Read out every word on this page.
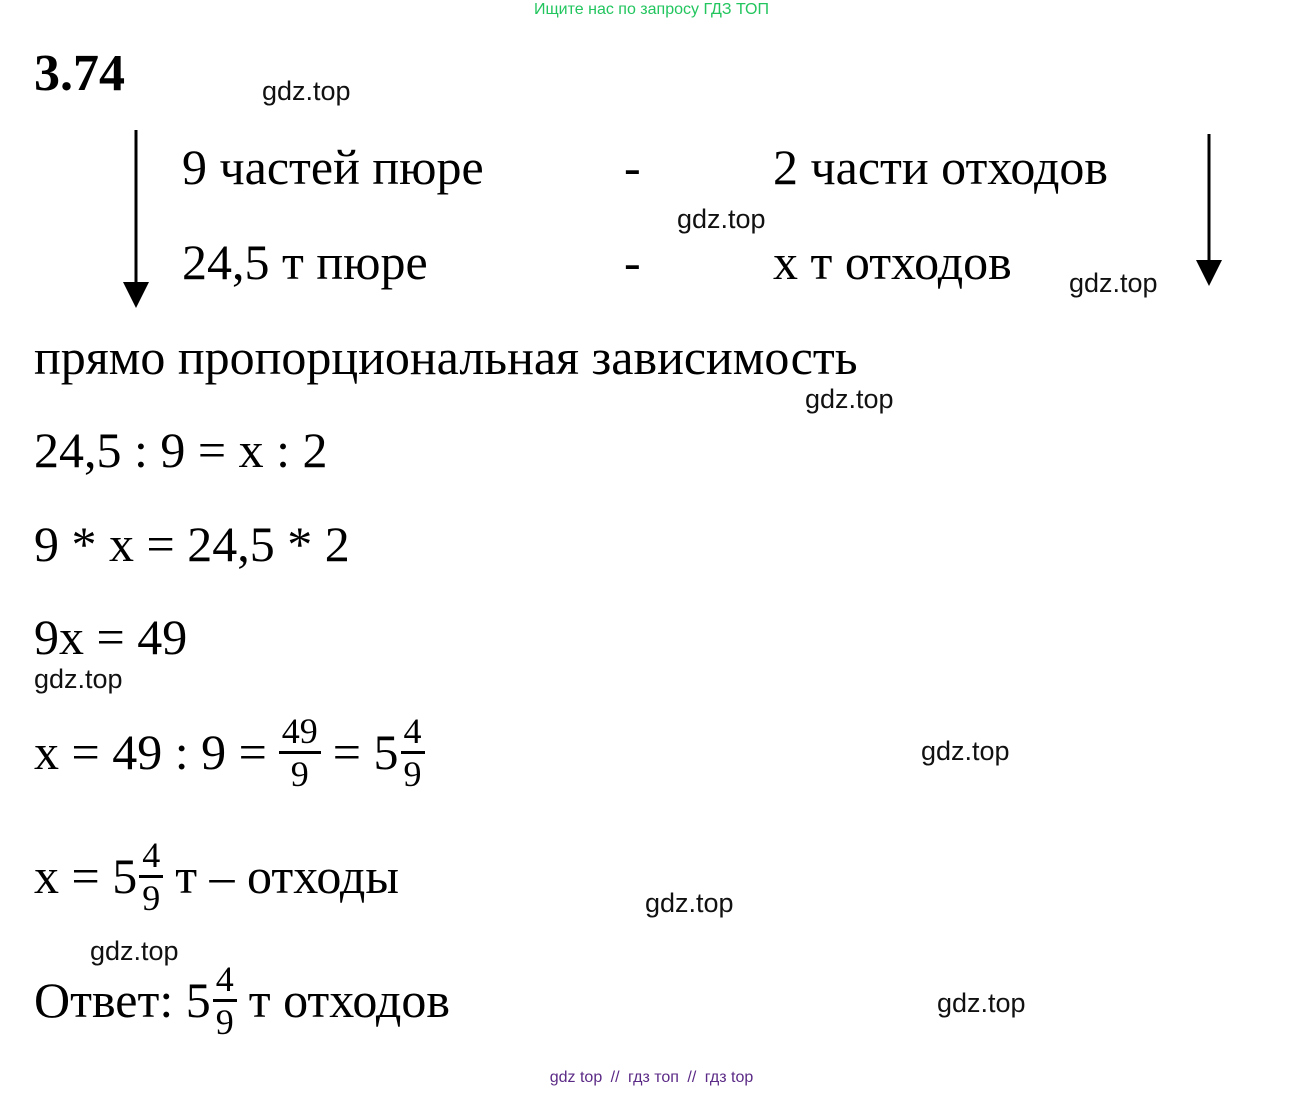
Ищите нас по запросу ГДЗ ТОП
3.74	gdz.top
gdz.top
gdz.top
gdz.top
gdz.top
gdz.top
gdz.top
gdz.top
gdz.top
9 частей пюре	-	2 части отходов
24,5 т пюре	-	х т отходов
прямо пропорциональная зависимость
24,5 : 9 = х : 2
9 * х = 24,5 * 2
9х = 49
х = 49 : $9 = \frac{49}{9} = 5 \frac{4}{9}$
$х = 5 \frac{4}{9}$ т – отходы
Ответ: $5 \frac{4}{9}$ т отходов
gdz top // гдз топ // гдз top
